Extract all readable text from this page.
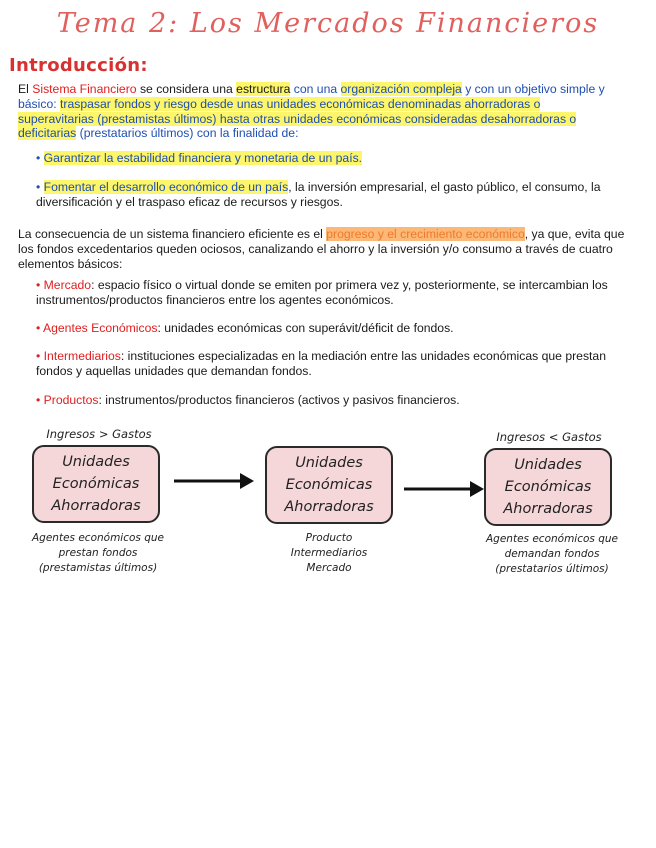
Tema 2: Los Mercados Financieros
Introducción:
El Sistema Financiero se considera una estructura con una organización compleja y con un objetivo simple y básico: traspasar fondos y riesgo desde unas unidades económicas denominadas ahorradoras o superavitarias (prestamistas últimos) hasta otras unidades económicas consideradas desahorradoras o deficitarias (prestatarios últimos) con la finalidad de:
• Garantizar la estabilidad financiera y monetaria de un país.
• Fomentar el desarrollo económico de un país, la inversión empresarial, el gasto público, el consumo, la diversificación y el traspaso eficaz de recursos y riesgos.
La consecuencia de un sistema financiero eficiente es el progreso y el crecimiento económico, ya que, evita que los fondos excedentarios queden ociosos, canalizando el ahorro y la inversión y/o consumo a través de cuatro elementos básicos:
• Mercado: espacio físico o virtual donde se emiten por primera vez y, posteriormente, se intercambian los instrumentos/productos financieros entre los agentes económicos.
• Agentes Económicos: unidades económicas con superávit/déficit de fondos.
• Intermediarios: instituciones especializadas en la mediación entre las unidades económicas que prestan fondos y aquellas unidades que demandan fondos.
• Productos: instrumentos/productos financieros (activos y pasivos financieros.
Ingresos > Gastos	Ingresos < Gastos
Unidades
Económicas
Ahorradoras
Unidades
Económicas
Ahorradoras
Unidades
Económicas
Ahorradoras
Agentes económicos que
prestan fondos
(prestamistas últimos)
Producto
Intermediarios
Mercado
Agentes económicos que
demandan fondos
(prestatarios últimos)
